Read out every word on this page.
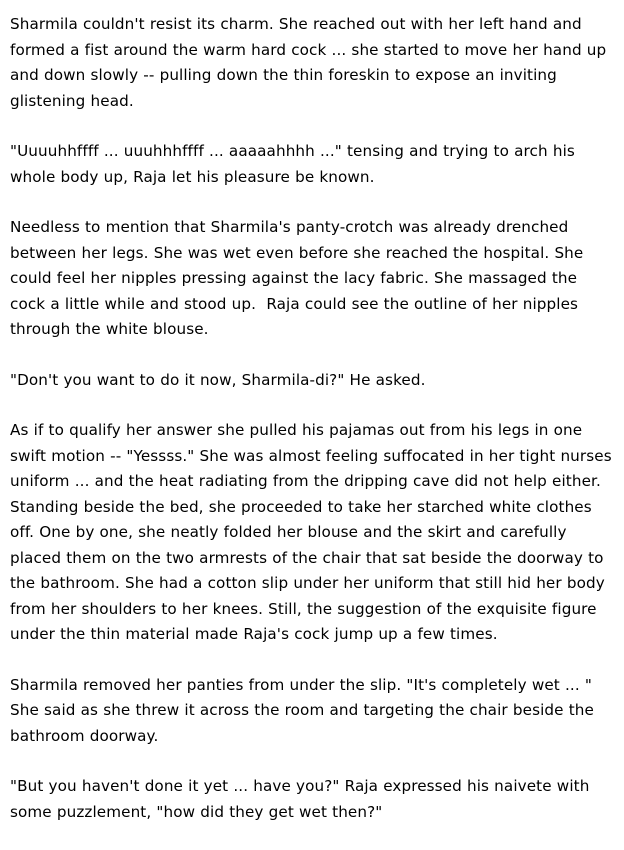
Sharmila couldn't resist its charm. She reached out with her left hand and formed a fist around the warm hard cock ... she started to move her hand up and down slowly -- pulling down the thin foreskin to expose an inviting glistening head.

"Uuuuhhffff ... uuuhhhffff ... aaaaahhhh ..." tensing and trying to arch his whole body up, Raja let his pleasure be known.

Needless to mention that Sharmila's panty-crotch was already drenched between her legs. She was wet even before she reached the hospital. She could feel her nipples pressing against the lacy fabric. She massaged the cock a little while and stood up.  Raja could see the outline of her nipples through the white blouse.

"Don't you want to do it now, Sharmila-di?" He asked.

As if to qualify her answer she pulled his pajamas out from his legs in one swift motion -- "Yessss." She was almost feeling suffocated in her tight nurses uniform ... and the heat radiating from the dripping cave did not help either. Standing beside the bed, she proceeded to take her starched white clothes off. One by one, she neatly folded her blouse and the skirt and carefully placed them on the two armrests of the chair that sat beside the doorway to the bathroom. She had a cotton slip under her uniform that still hid her body from her shoulders to her knees. Still, the suggestion of the exquisite figure under the thin material made Raja's cock jump up a few times.

Sharmila removed her panties from under the slip. "It's completely wet ... " She said as she threw it across the room and targeting the chair beside the bathroom doorway.

"But you haven't done it yet ... have you?" Raja expressed his naivete with some puzzlement, "how did they get wet then?"
